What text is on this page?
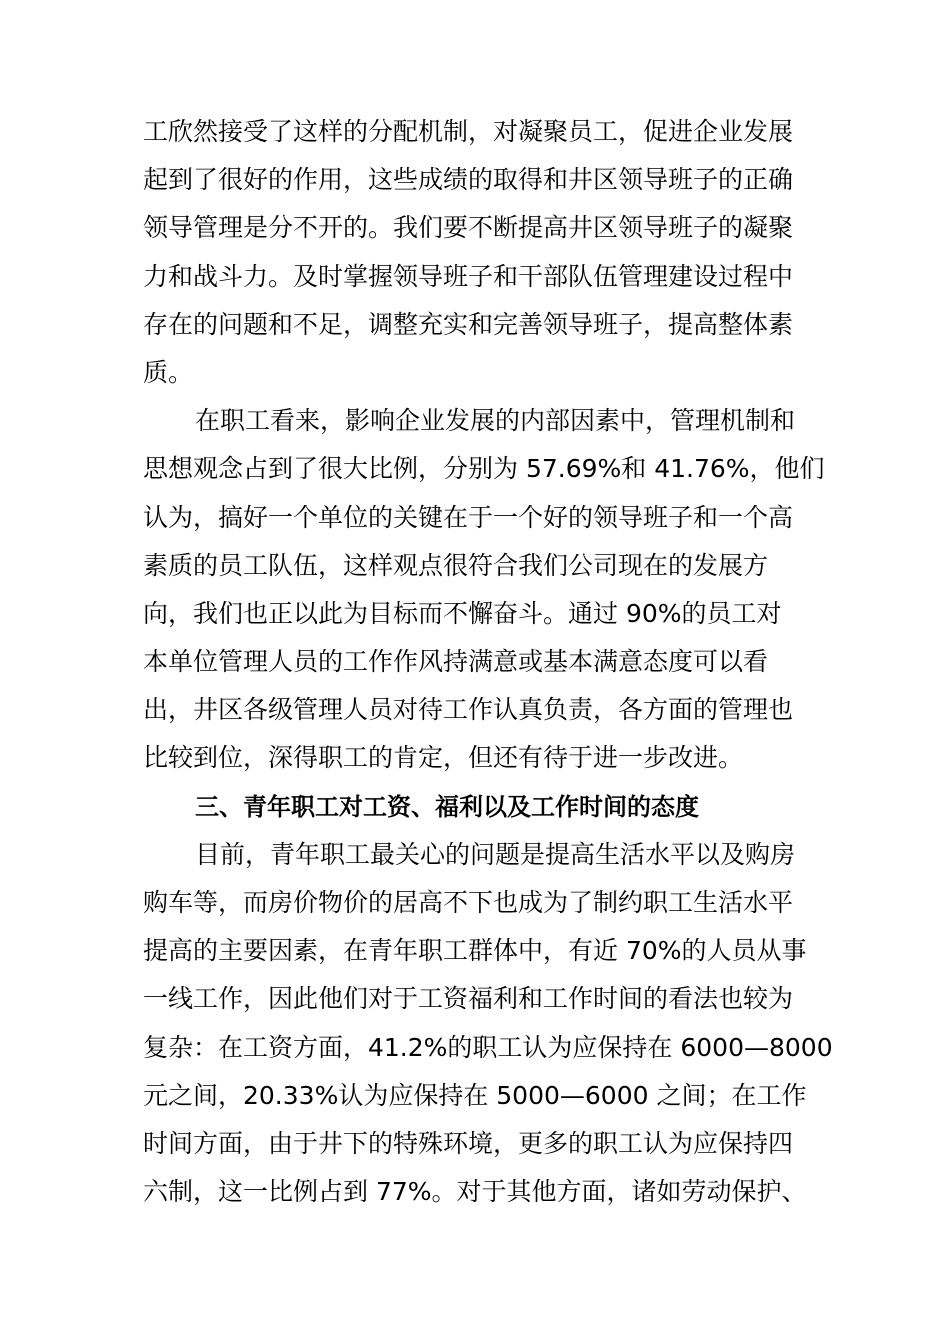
工欣然接受了这样的分配机制，对凝聚员工，促进企业发展
起到了很好的作用，这些成绩的取得和井区领导班子的正确
领导管理是分不开的。我们要不断提高井区领导班子的凝聚
力和战斗力。及时掌握领导班子和干部队伍管理建设过程中
存在的问题和不足，调整充实和完善领导班子，提高整体素
质。
在职工看来，影响企业发展的内部因素中，管理机制和
思想观念占到了很大比例，分别为 57.69%和 41.76%，他们
认为，搞好一个单位的关键在于一个好的领导班子和一个高
素质的员工队伍，这样观点很符合我们公司现在的发展方
向，我们也正以此为目标而不懈奋斗。通过 90%的员工对
本单位管理人员的工作作风持满意或基本满意态度可以看
出，井区各级管理人员对待工作认真负责，各方面的管理也
比较到位，深得职工的肯定，但还有待于进一步改进。
三、青年职工对工资、福利以及工作时间的态度
目前，青年职工最关心的问题是提高生活水平以及购房
购车等，而房价物价的居高不下也成为了制约职工生活水平
提高的主要因素，在青年职工群体中，有近 70%的人员从事
一线工作，因此他们对于工资福利和工作时间的看法也较为
复杂：在工资方面，41.2%的职工认为应保持在 6000—8000
元之间，20.33%认为应保持在 5000—6000 之间；在工作
时间方面，由于井下的特殊环境，更多的职工认为应保持四
六制，这一比例占到 77%。对于其他方面，诸如劳动保护、
